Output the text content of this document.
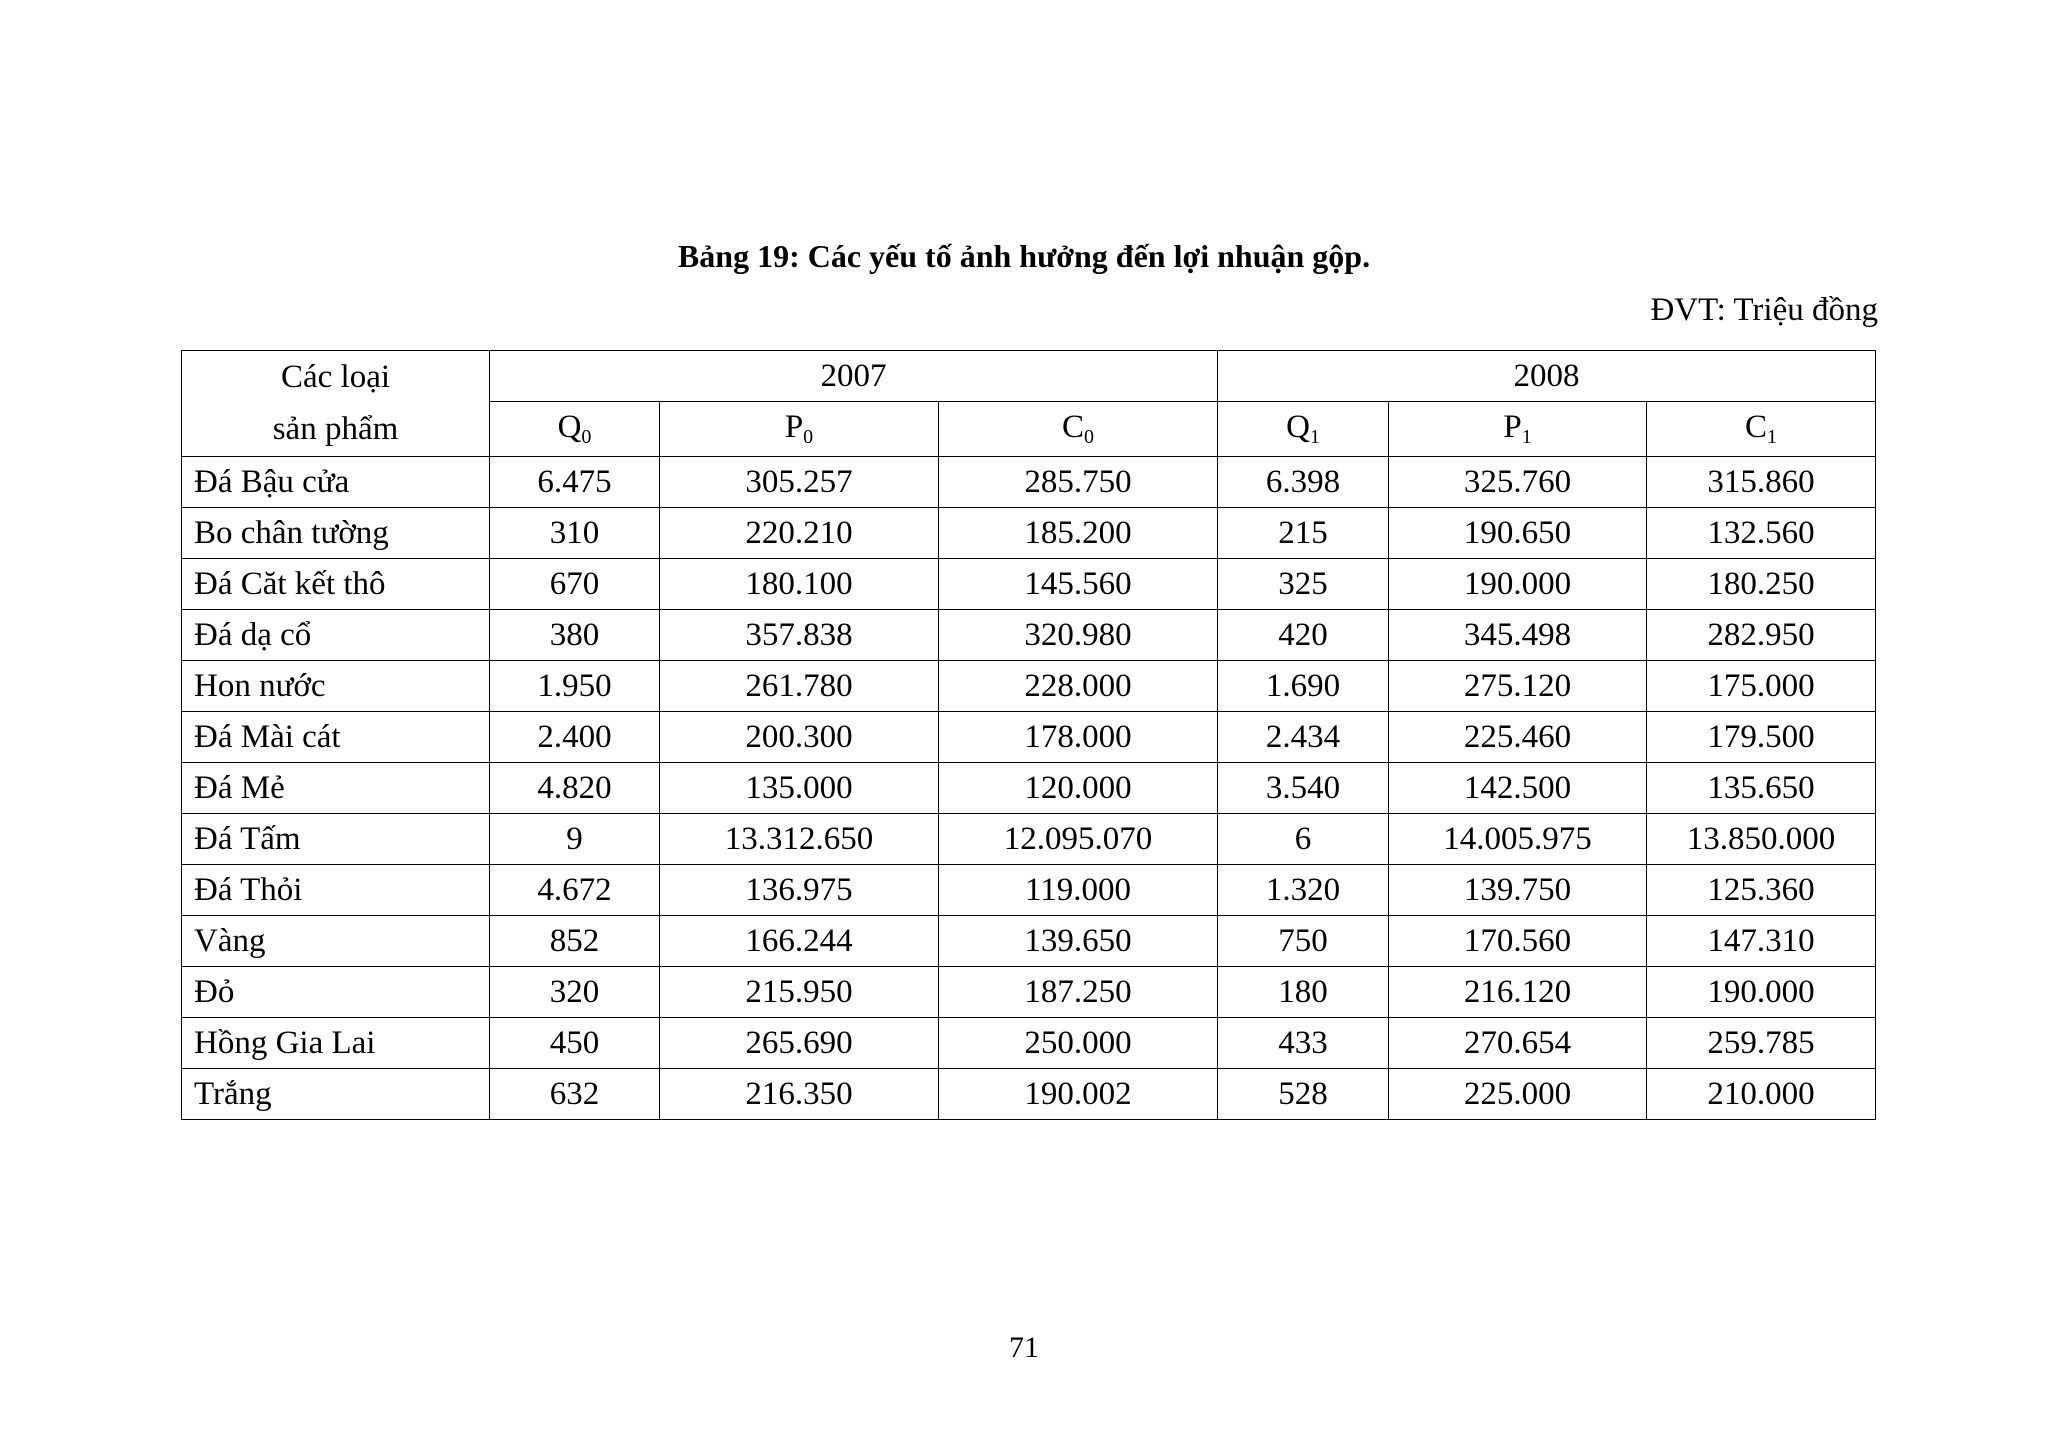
Bảng 19: Các yếu tố ảnh hưởng đến lợi nhuận gộp.
ĐVT: Triệu đồng
Các loại
sản phẩm	2007			2008		
	$Q_0$	$P_0$	$C_0$	$Q_1$	$P_1$	$C_1$
Đá Bậu cửa	6.475	305.257	285.750	6.398	325.760	315.860
Bo chân tường	310	220.210	185.200	215	190.650	132.560
Đá Căt kết thô	670	180.100	145.560	325	190.000	180.250
Đá dạ cổ	380	357.838	320.980	420	345.498	282.950
Hon nước	1.950	261.780	228.000	1.690	275.120	175.000
Đá Mài cát	2.400	200.300	178.000	2.434	225.460	179.500
Đá Mẻ	4.820	135.000	120.000	3.540	142.500	135.650
Đá Tấm	9	13.312.650	12.095.070	6	14.005.975	13.850.000
Đá Thỏi	4.672	136.975	119.000	1.320	139.750	125.360
Vàng	852	166.244	139.650	750	170.560	147.310
Đỏ	320	215.950	187.250	180	216.120	190.000
Hồng Gia Lai	450	265.690	250.000	433	270.654	259.785
Trắng	632	216.350	190.002	528	225.000	210.000
71
